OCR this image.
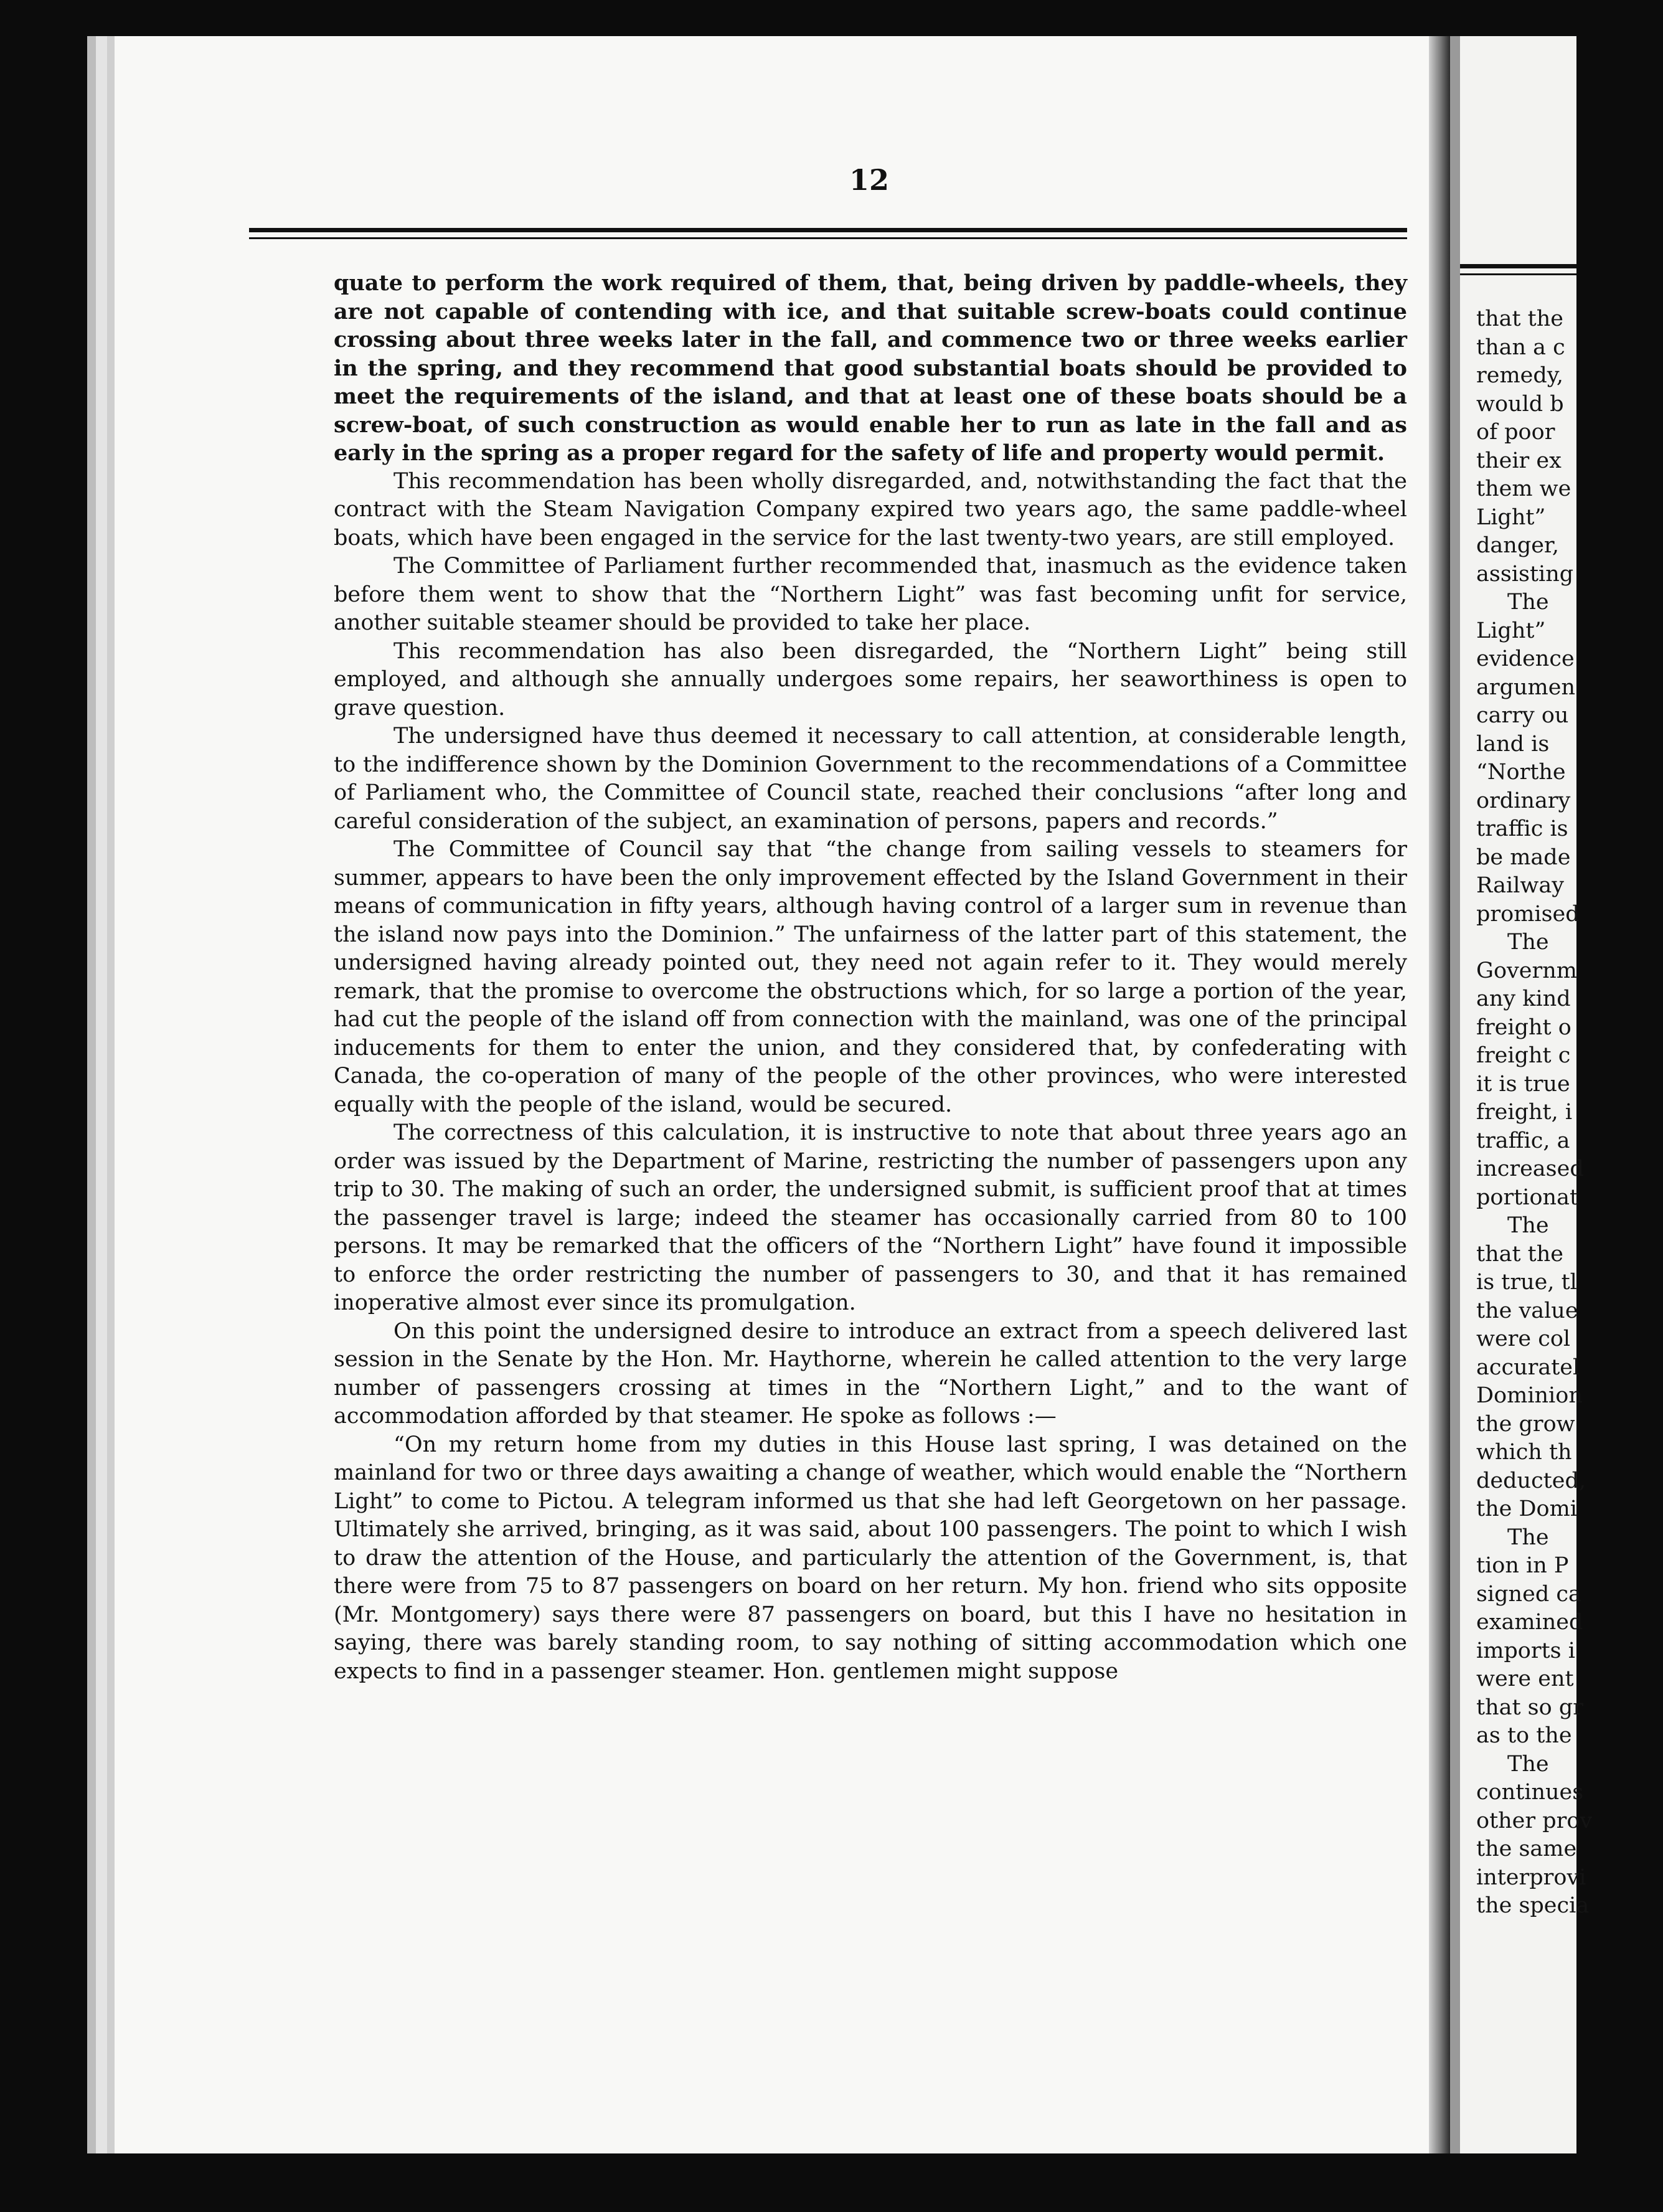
12

quate to perform the work required of them, that, being driven by paddle-wheels, they are not capable of contending with ice, and that suitable screw-boats could continue crossing about three weeks later in the fall, and commence two or three weeks earlier in the spring, and they recommend that good substantial boats should be provided to meet the requirements of the island, and that at least one of these boats should be a screw-boat, of such construction as would enable her to run as late in the fall and as early in the spring as a proper regard for the safety of life and property would permit.

This recommendation has been wholly disregarded, and, notwithstanding the fact that the contract with the Steam Navigation Company expired two years ago, the same paddle-wheel boats, which have been engaged in the service for the last twenty-two years, are still employed.

The Committee of Parliament further recommended that, inasmuch as the evidence taken before them went to show that the “Northern Light” was fast becoming unfit for service, another suitable steamer should be provided to take her place.

This recommendation has also been disregarded, the “Northern Light” being still employed, and although she annually undergoes some repairs, her seaworthiness is open to grave question.

The undersigned have thus deemed it necessary to call attention, at considerable length, to the indifference shown by the Dominion Government to the recommendations of a Committee of Parliament who, the Committee of Council state, reached their conclusions “after long and careful consideration of the subject, an examination of persons, papers and records.”

The Committee of Council say that “the change from sailing vessels to steamers for summer, appears to have been the only improvement effected by the Island Government in their means of communication in fifty years, although having control of a larger sum in revenue than the island now pays into the Dominion.” The unfairness of the latter part of this statement, the undersigned having already pointed out, they need not again refer to it. They would merely remark, that the promise to overcome the obstructions which, for so large a portion of the year, had cut the people of the island off from connection with the mainland, was one of the principal inducements for them to enter the union, and they considered that, by confederating with Canada, the co-operation of many of the people of the other provinces, who were interested equally with the people of the island, would be secured.

The correctness of this calculation, it is instructive to note that about three years ago an order was issued by the Department of Marine, restricting the number of passengers upon any trip to 30. The making of such an order, the undersigned submit, is sufficient proof that at times the passenger travel is large; indeed the steamer has occasionally carried from 80 to 100 persons. It may be remarked that the officers of the “Northern Light” have found it impossible to enforce the order restricting the number of passengers to 30, and that it has remained inoperative almost ever since its promulgation.

On this point the undersigned desire to introduce an extract from a speech delivered last session in the Senate by the Hon. Mr. Haythorne, wherein he called attention to the very large number of passengers crossing at times in the “Northern Light,” and to the want of accommodation afforded by that steamer. He spoke as follows :—

“On my return home from my duties in this House last spring, I was detained on the mainland for two or three days awaiting a change of weather, which would enable the “Northern Light” to come to Pictou. A telegram informed us that she had left Georgetown on her passage. Ultimately she arrived, bringing, as it was said, about 100 passengers. The point to which I wish to draw the attention of the House, and particularly the attention of the Government, is, that there were from 75 to 87 passengers on board on her return. My hon. friend who sits opposite (Mr. Montgomery) says there were 87 passengers on board, but this I have no hesitation in saying, there was barely standing room, to say nothing of sitting accommodation which one expects to find in a passenger steamer. Hon. gentlemen might suppose

that the
than a c
remedy,
would b
of poor
their ex
them we
Light”
danger,
assisting
The
Light”
evidence
argumen
carry ou
land is
“Northe
ordinary
traffic is
be made
Railway
promised
The
Governm
any kind
freight o
freight c
it is true
freight, i
traffic, a
increased
portionat
The
that the
is true, tl
the value
were col
accuratel
Dominion
the grow
which th
deducted,
the Domi
The
tion in P
signed ca
examined
imports i
were ent
that so gr
as to the
The
continues
other prov
the same
interprovi
the specia
